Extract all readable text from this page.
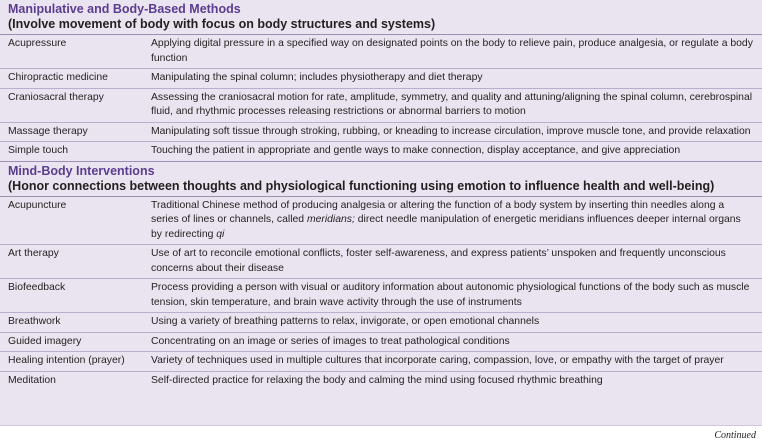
Manipulative and Body-Based Methods
(Involve movement of body with focus on body structures and systems)
Acupressure	Applying digital pressure in a specified way on designated points on the body to relieve pain, produce analgesia, or regulate a body function
Chiropractic medicine	Manipulating the spinal column; includes physiotherapy and diet therapy
Craniosacral therapy	Assessing the craniosacral motion for rate, amplitude, symmetry, and quality and attuning/aligning the spinal column, cerebrospinal fluid, and rhythmic processes releasing restrictions or abnormal barriers to motion
Massage therapy	Manipulating soft tissue through stroking, rubbing, or kneading to increase circulation, improve muscle tone, and provide relaxation
Simple touch	Touching the patient in appropriate and gentle ways to make connection, display acceptance, and give appreciation
Mind-Body Interventions
(Honor connections between thoughts and physiological functioning using emotion to influence health and well-being)
Acupuncture	Traditional Chinese method of producing analgesia or altering the function of a body system by inserting thin needles along a series of lines or channels, called meridians; direct needle manipulation of energetic meridians influences deeper internal organs by redirecting qi
Art therapy	Use of art to reconcile emotional conflicts, foster self-awareness, and express patients’ unspoken and frequently unconscious concerns about their disease
Biofeedback	Process providing a person with visual or auditory information about autonomic physiological functions of the body such as muscle tension, skin temperature, and brain wave activity through the use of instruments
Breathwork	Using a variety of breathing patterns to relax, invigorate, or open emotional channels
Guided imagery	Concentrating on an image or series of images to treat pathological conditions
Healing intention (prayer)	Variety of techniques used in multiple cultures that incorporate caring, compassion, love, or empathy with the target of prayer
Meditation	Self-directed practice for relaxing the body and calming the mind using focused rhythmic breathing
Continued
